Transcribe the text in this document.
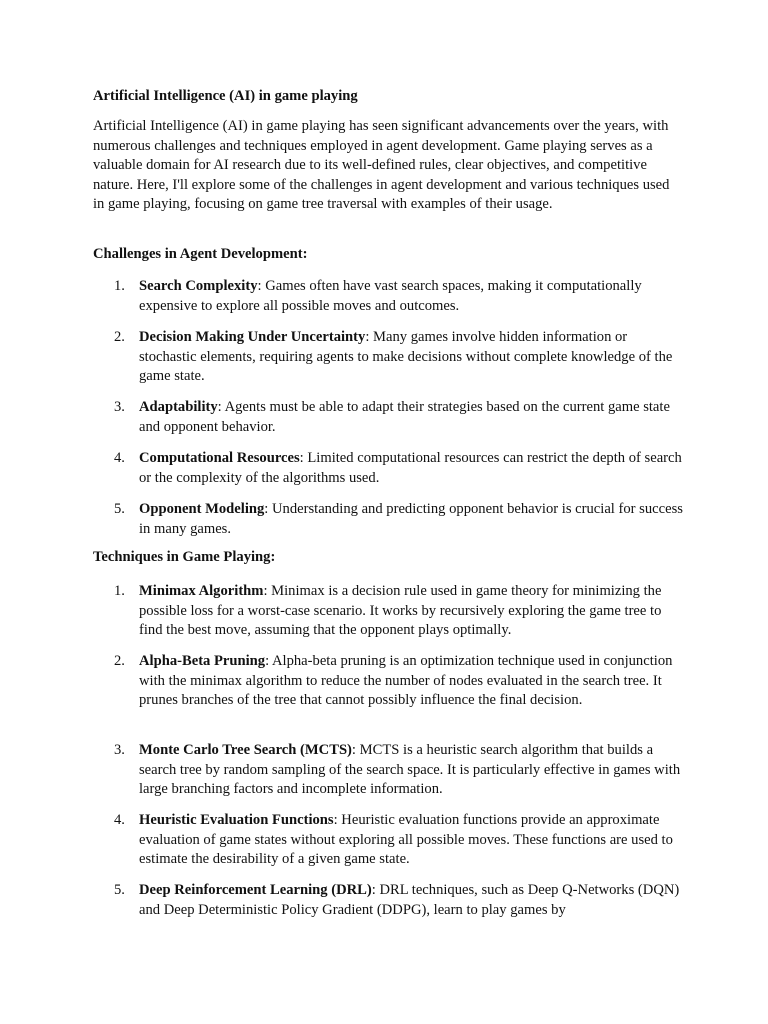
Artificial Intelligence (AI) in game playing

Artificial Intelligence (AI) in game playing has seen significant advancements over the years, with numerous challenges and techniques employed in agent development. Game playing serves as a valuable domain for AI research due to its well-defined rules, clear objectives, and competitive nature. Here, I'll explore some of the challenges in agent development and various techniques used in game playing, focusing on game tree traversal with examples of their usage.

Challenges in Agent Development:

1. Search Complexity: Games often have vast search spaces, making it computationally expensive to explore all possible moves and outcomes.
2. Decision Making Under Uncertainty: Many games involve hidden information or stochastic elements, requiring agents to make decisions without complete knowledge of the game state.
3. Adaptability: Agents must be able to adapt their strategies based on the current game state and opponent behavior.
4. Computational Resources: Limited computational resources can restrict the depth of search or the complexity of the algorithms used.
5. Opponent Modeling: Understanding and predicting opponent behavior is crucial for success in many games.

Techniques in Game Playing:

1. Minimax Algorithm: Minimax is a decision rule used in game theory for minimizing the possible loss for a worst-case scenario. It works by recursively exploring the game tree to find the best move, assuming that the opponent plays optimally.
2. Alpha-Beta Pruning: Alpha-beta pruning is an optimization technique used in conjunction with the minimax algorithm to reduce the number of nodes evaluated in the search tree. It prunes branches of the tree that cannot possibly influence the final decision.
3. Monte Carlo Tree Search (MCTS): MCTS is a heuristic search algorithm that builds a search tree by random sampling of the search space. It is particularly effective in games with large branching factors and incomplete information.
4. Heuristic Evaluation Functions: Heuristic evaluation functions provide an approximate evaluation of game states without exploring all possible moves. These functions are used to estimate the desirability of a given game state.
5. Deep Reinforcement Learning (DRL): DRL techniques, such as Deep Q-Networks (DQN) and Deep Deterministic Policy Gradient (DDPG), learn to play games by
